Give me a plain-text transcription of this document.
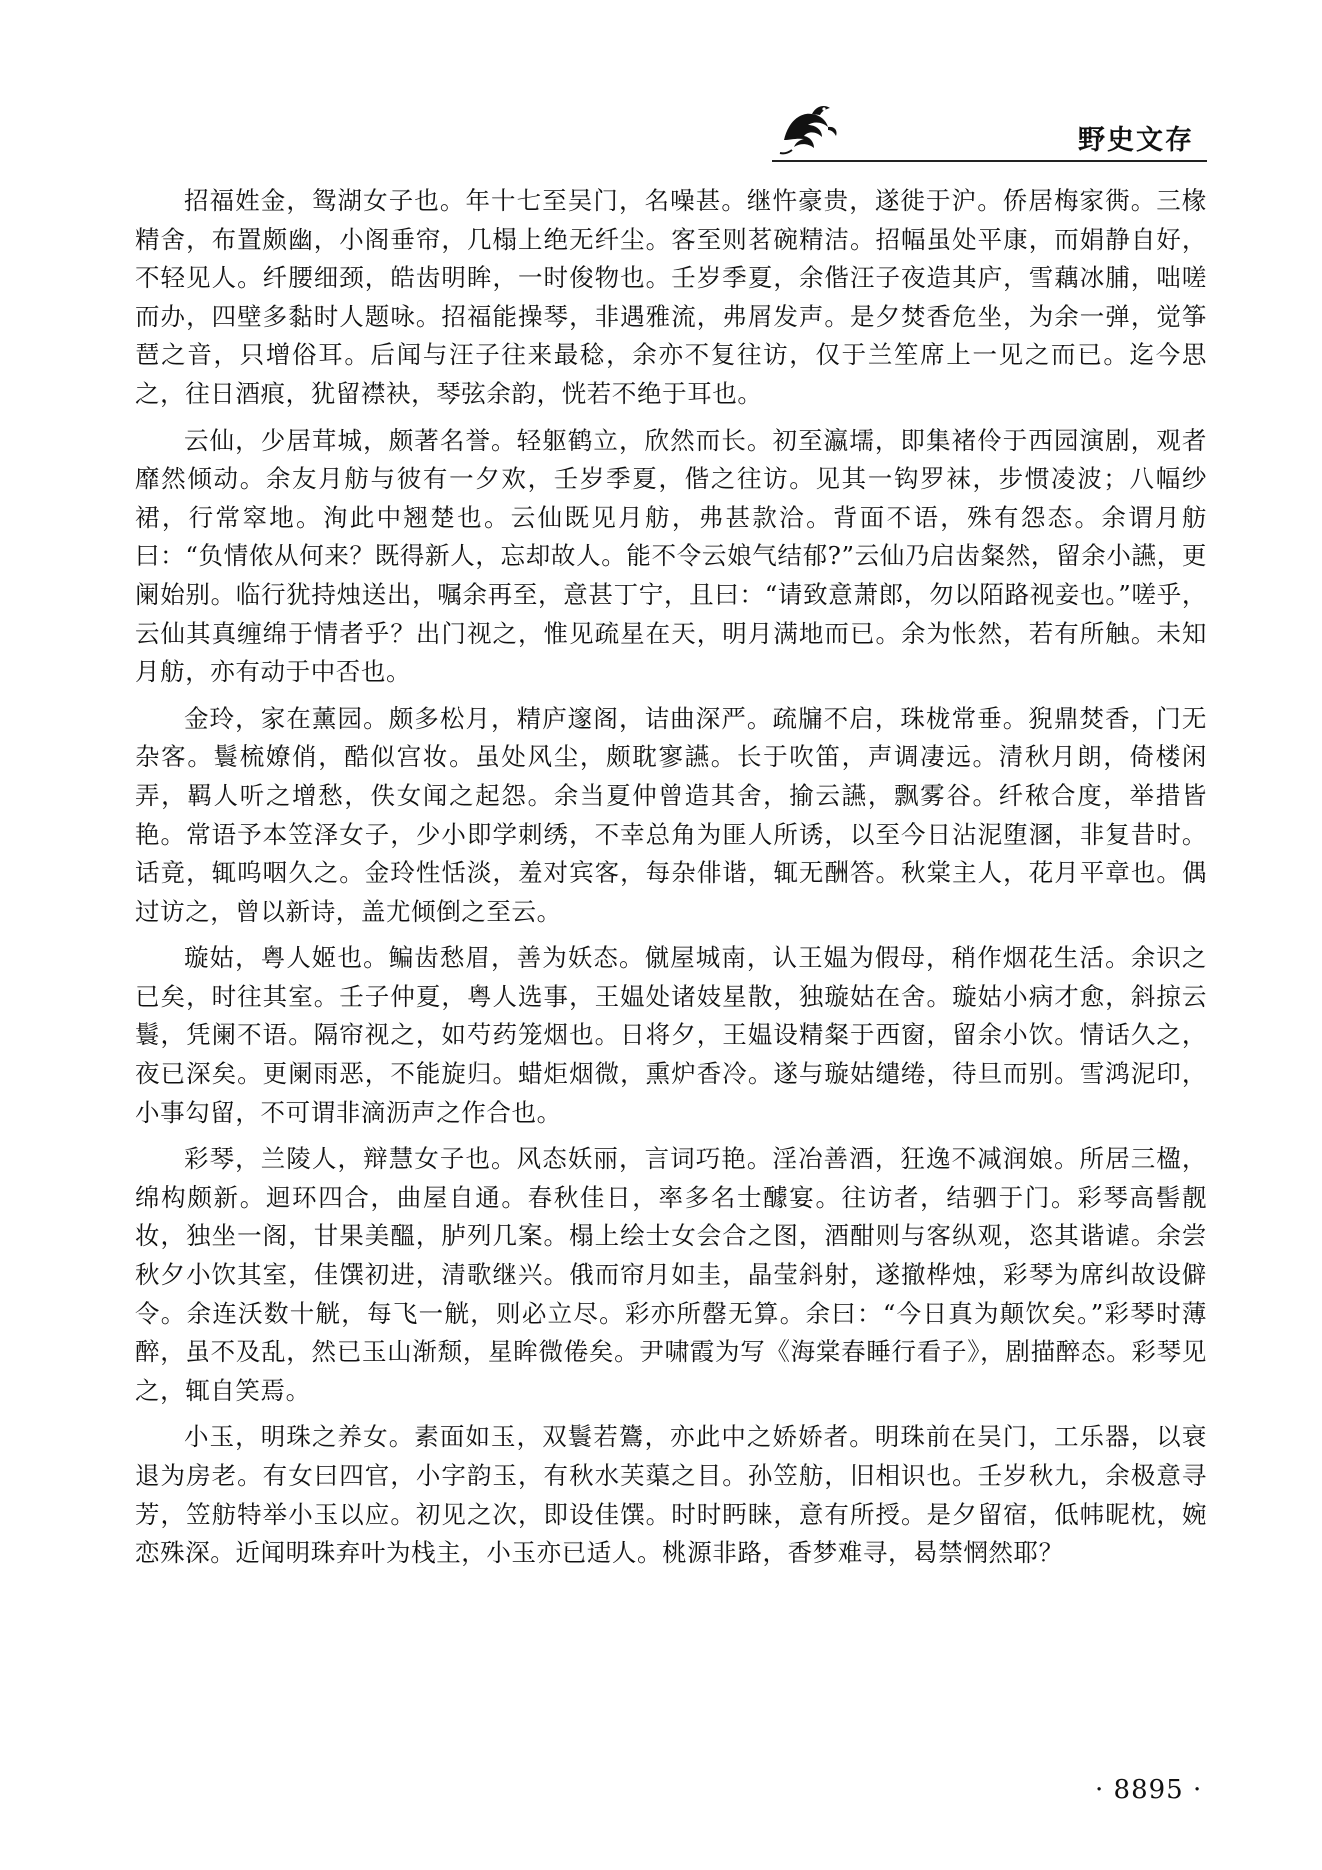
野史文存

招福姓金，鸳湖女子也。年十七至吴门，名噪甚。继忤豪贵，遂徙于沪。侨居梅家衖。三椽精舍，布置颇幽，小阁垂帘，几榻上绝无纤尘。客至则茗碗精洁。招幅虽处平康，而娟静自好，不轻见人。纤腰细颈，皓齿明眸，一时俊物也。壬岁季夏，余偕汪子夜造其庐，雪藕冰脯，咄嗟而办，四壁多黏时人题咏。招福能操琴，非遇雅流，弗屑发声。是夕焚香危坐，为余一弹，觉筝琶之音，只增俗耳。后闻与汪子往来最稔，余亦不复往访，仅于兰笙席上一见之而已。迄今思之，往日酒痕，犹留襟袂，琴弦余韵，恍若不绝于耳也。

云仙，少居茸城，颇著名誉。轻躯鹤立，欣然而长。初至瀛壖，即集褚伶于西园演剧，观者靡然倾动。余友月舫与彼有一夕欢，壬岁季夏，偕之往访。见其一钩罗袜，步惯凌波；八幅纱裙，行常窣地。洵此中翘楚也。云仙既见月舫，弗甚款洽。背面不语，殊有怨态。余谓月舫曰：“负情侬从何来？既得新人，忘却故人。能不令云娘气结郁?”云仙乃启齿粲然，留余小讌，更阑始别。临行犹持烛送出，嘱余再至，意甚丁宁，且曰：“请致意萧郎，勿以陌路视妾也。”嗟乎，云仙其真缠绵于情者乎？出门视之，惟见疏星在天，明月满地而已。余为怅然，若有所触。未知月舫，亦有动于中否也。

金玲，家在薰园。颇多松月，精庐邃阁，诘曲深严。疏牖不启，珠栊常垂。猊鼎焚香，门无杂客。鬟梳嫽俏，酷似宫妆。虽处风尘，颇耽寥讌。长于吹笛，声调凄远。清秋月朗，倚楼闲弄，羁人听之增愁，佚女闻之起怨。余当夏仲曾造其舍，揄云讌，飘雾谷。纤秾合度，举措皆艳。常语予本笠泽女子，少小即学刺绣，不幸总角为匪人所诱，以至今日沾泥堕溷，非复昔时。话竟，辄呜咽久之。金玲性恬淡，羞对宾客，每杂俳谐，辄无酬答。秋棠主人，花月平章也。偶过访之，曾以新诗，盖尤倾倒之至云。

璇姑，粤人姬也。鳊齿愁眉，善为妖态。僦屋城南，认王媪为假母，稍作烟花生活。余识之已矣，时往其室。壬子仲夏，粤人选事，王媪处诸妓星散，独璇姑在舍。璇姑小病才愈，斜掠云鬟，凭阑不语。隔帘视之，如芍药笼烟也。日将夕，王媪设精粲于西窗，留余小饮。情话久之，夜已深矣。更阑雨恶，不能旋归。蜡炬烟微，熏炉香冷。遂与璇姑缱绻，待旦而别。雪鸿泥印，小事勾留，不可谓非滴沥声之作合也。

彩琴，兰陵人，辩慧女子也。风态妖丽，言词巧艳。淫冶善酒，狂逸不减润娘。所居三楹，绵构颇新。迴环四合，曲屋自通。春秋佳日，率多名士醵宴。往访者，结驷于门。彩琴高髻靓妆，独坐一阁，甘果美醞，胪列几案。榻上绘士女会合之图，酒酣则与客纵观，恣其谐谑。余尝秋夕小饮其室，佳馔初进，清歌继兴。俄而帘月如圭，晶莹斜射，遂撤桦烛，彩琴为席纠故设僻令。余连沃数十觥，每飞一觥，则必立尽。彩亦所罄无算。余曰：“今日真为颠饮矣。”彩琴时薄醉，虽不及乱，然已玉山渐颓，星眸微倦矣。尹啸霞为写《海棠春睡行看子》，剧描醉态。彩琴见之，辄自笑焉。

小玉，明珠之养女。素面如玉，双鬟若鷟，亦此中之娇娇者。明珠前在吴门，工乐器，以衰退为房老。有女曰四官，小字韵玉，有秋水芙蕖之目。孙笠舫，旧相识也。壬岁秋九，余极意寻芳，笠舫特举小玉以应。初见之次，即设佳馔。时时眄睐，意有所授。是夕留宿，低帏昵枕，婉恋殊深。近闻明珠弃叶为栈主，小玉亦已适人。桃源非路，香梦难寻，曷禁惘然耶？

· 8895 ·
